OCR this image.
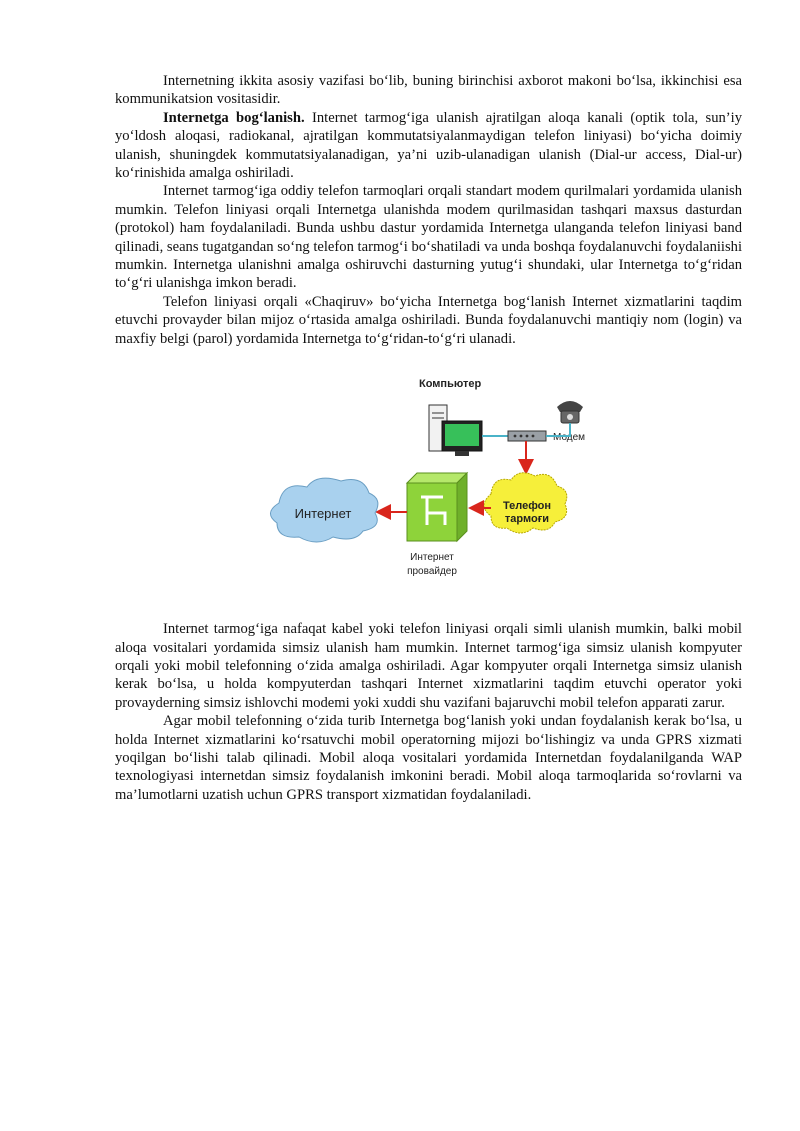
Internetning ikkita asosiy vazifasi bo‘lib, buning birinchisi axborot makoni bo‘lsa, ikkinchisi esa kommunikatsion vositasidir.

Internetga bog‘lanish. Internet tarmog‘iga ulanish ajratilgan aloqa kanali (optik tola, sun’iy yo‘ldosh aloqasi, radiokanal, ajratilgan kommutatsiyalanmaydigan telefon liniyasi) bo‘yicha doimiy ulanish, shuningdek kommutatsiyalanadigan, ya’ni uzib-ulanadigan ulanish (Dial-ur access, Dial-ur) ko‘rinishida amalga oshiriladi.

Internet tarmog‘iga oddiy telefon tarmoqlari orqali standart modem qurilmalari yordamida ulanish mumkin. Telefon liniyasi orqali Internetga ulanishda modem qurilmasidan tashqari maxsus dasturdan (protokol) ham foydalaniladi. Bunda ushbu dastur yordamida Internetga ulanganda telefon liniyasi band qilinadi, seans tugatgandan so‘ng telefon tarmog‘i bo‘shatiladi va unda boshqa foydalanuvchi foydalaniishi mumkin. Internetga ulanishni amalga oshiruvchi dasturning yutug‘i shundaki, ular Internetga to‘g‘ridan to‘g‘ri ulanishga imkon beradi.

Telefon liniyasi orqali «Chaqiruv» bo‘yicha Internetga bog‘lanish Internet xizmatlarini taqdim etuvchi provayder bilan mijoz o‘rtasida amalga oshiriladi. Bunda foydalanuvchi mantiqiy nom (login) va maxfiy belgi (parol) yordamida Internetga to‘g‘ridan-to‘g‘ri ulanadi.

Компьютер
Модем
Телефон
тармоғи
Интернет
провайдер
Интернет

Internet tarmog‘iga nafaqat kabel yoki telefon liniyasi orqali simli ulanish mumkin, balki mobil aloqa vositalari yordamida simsiz ulanish ham mumkin. Internet tarmog‘iga simsiz ulanish kompyuter orqali yoki mobil telefonning o‘zida amalga oshiriladi. Agar kompyuter orqali Internetga simsiz ulanish kerak bo‘lsa, u holda kompyuterdan tashqari Internet xizmatlarini taqdim etuvchi operator yoki provayderning simsiz ishlovchi modemi yoki xuddi shu vazifani bajaruvchi mobil telefon apparati zarur.

Agar mobil telefonning o‘zida turib Internetga bog‘lanish yoki undan foydalanish kerak bo‘lsa, u holda Internet xizmatlarini ko‘rsatuvchi mobil operatorning mijozi bo‘lishingiz va unda GPRS xizmati yoqilgan bo‘lishi talab qilinadi. Mobil aloqa vositalari yordamida Internetdan foydalanilganda WAP texnologiyasi internetdan simsiz foydalanish imkonini beradi. Mobil aloqa tarmoqlarida so‘rovlarni va ma’lumotlarni uzatish uchun GPRS transport xizmatidan foydalaniladi.
